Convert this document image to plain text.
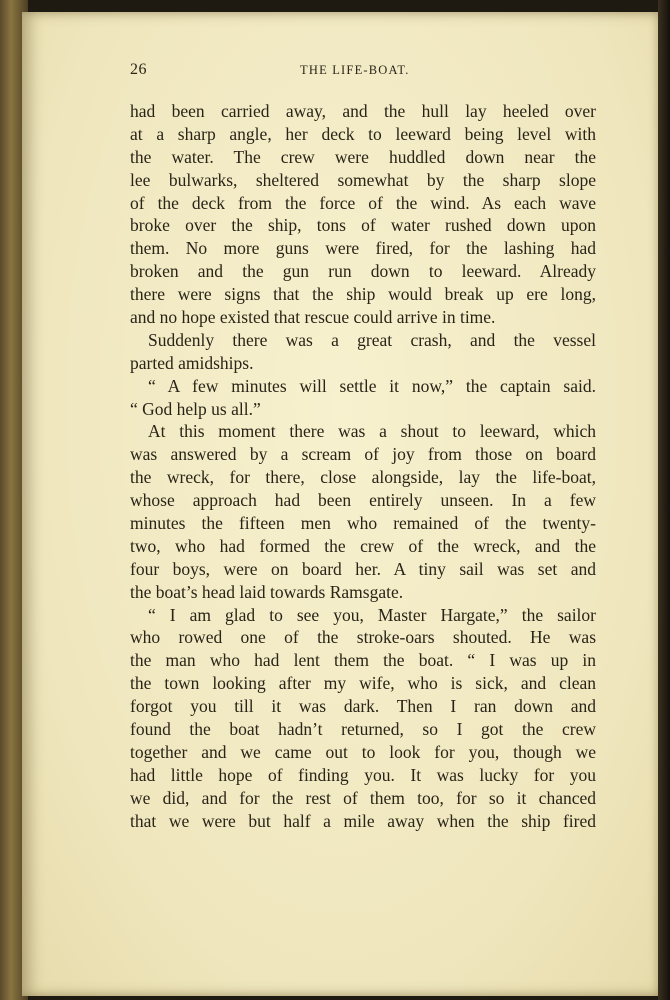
26	THE LIFE-BOAT.
had been carried away, and the hull lay heeled over
at a sharp angle, her deck to leeward being level with
the water. The crew were huddled down near the
lee bulwarks, sheltered somewhat by the sharp slope
of the deck from the force of the wind. As each wave
broke over the ship, tons of water rushed down upon
them. No more guns were fired, for the lashing had
broken and the gun run down to leeward. Already
there were signs that the ship would break up ere long,
and no hope existed that rescue could arrive in time.
Suddenly there was a great crash, and the vessel
parted amidships.
“ A few minutes will settle it now,” the captain said.
“ God help us all.”
At this moment there was a shout to leeward, which
was answered by a scream of joy from those on board
the wreck, for there, close alongside, lay the life-boat,
whose approach had been entirely unseen. In a few
minutes the fifteen men who remained of the twenty-
two, who had formed the crew of the wreck, and the
four boys, were on board her. A tiny sail was set and
the boat’s head laid towards Ramsgate.
“ I am glad to see you, Master Hargate,” the sailor
who rowed one of the stroke-oars shouted. He was
the man who had lent them the boat. “ I was up in
the town looking after my wife, who is sick, and clean
forgot you till it was dark. Then I ran down and
found the boat hadn’t returned, so I got the crew
together and we came out to look for you, though we
had little hope of finding you. It was lucky for you
we did, and for the rest of them too, for so it chanced
that we were but half a mile away when the ship fired
